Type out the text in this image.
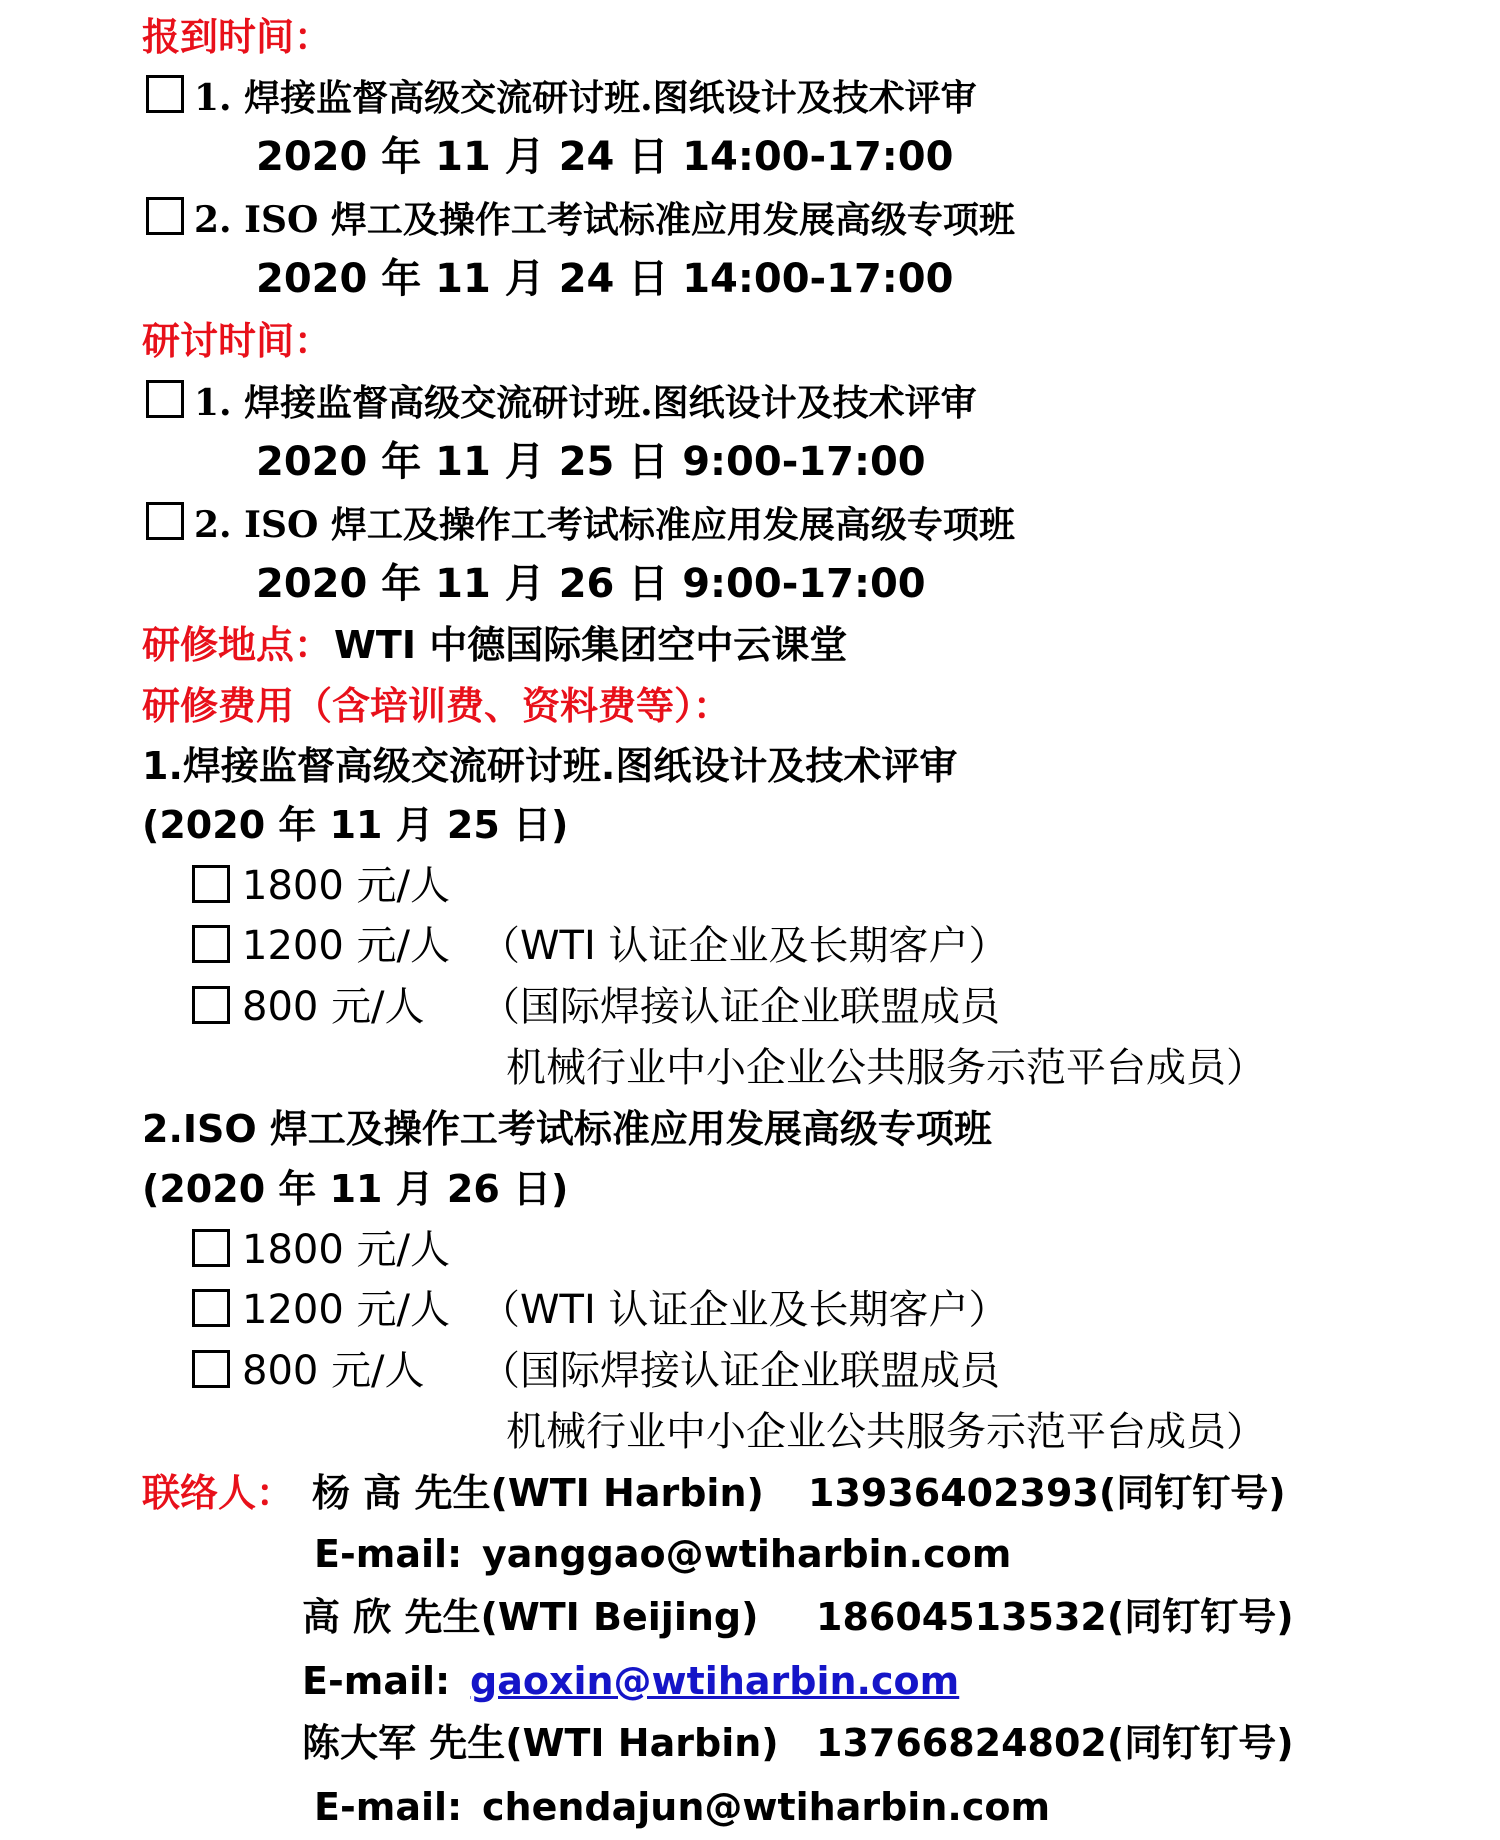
报到时间：
1. 焊接监督高级交流研讨班.图纸设计及技术评审
2020 年 11 月 24 日 14:00-17:00
2. ISO 焊工及操作工考试标准应用发展高级专项班
2020 年 11 月 24 日 14:00-17:00
研讨时间：
1. 焊接监督高级交流研讨班.图纸设计及技术评审
2020 年 11 月 25 日 9:00-17:00
2. ISO 焊工及操作工考试标准应用发展高级专项班
2020 年 11 月 26 日 9:00-17:00
研修地点： WTI 中德国际集团空中云课堂
研修费用（含培训费、资料费等）：
1.焊接监督高级交流研讨班.图纸设计及技术评审
(2020 年 11 月 25 日)
1800 元/人
1200 元/人 （WTI 认证企业及长期客户）
800 元/人 （国际焊接认证企业联盟成员
机械行业中小企业公共服务示范平台成员）
2.ISO 焊工及操作工考试标准应用发展高级专项班
(2020 年 11 月 26 日)
1800 元/人
1200 元/人 （WTI 认证企业及长期客户）
800 元/人 （国际焊接认证企业联盟成员
机械行业中小企业公共服务示范平台成员）
联络人： 杨 高 先生(WTI Harbin) 13936402393(同钉钉号)
E-mail: yanggao@wtiharbin.com
高 欣 先生(WTI Beijing) 18604513532(同钉钉号)
E-mail: gaoxin@wtiharbin.com
陈大军 先生(WTI Harbin) 13766824802(同钉钉号)
E-mail: chendajun@wtiharbin.com
